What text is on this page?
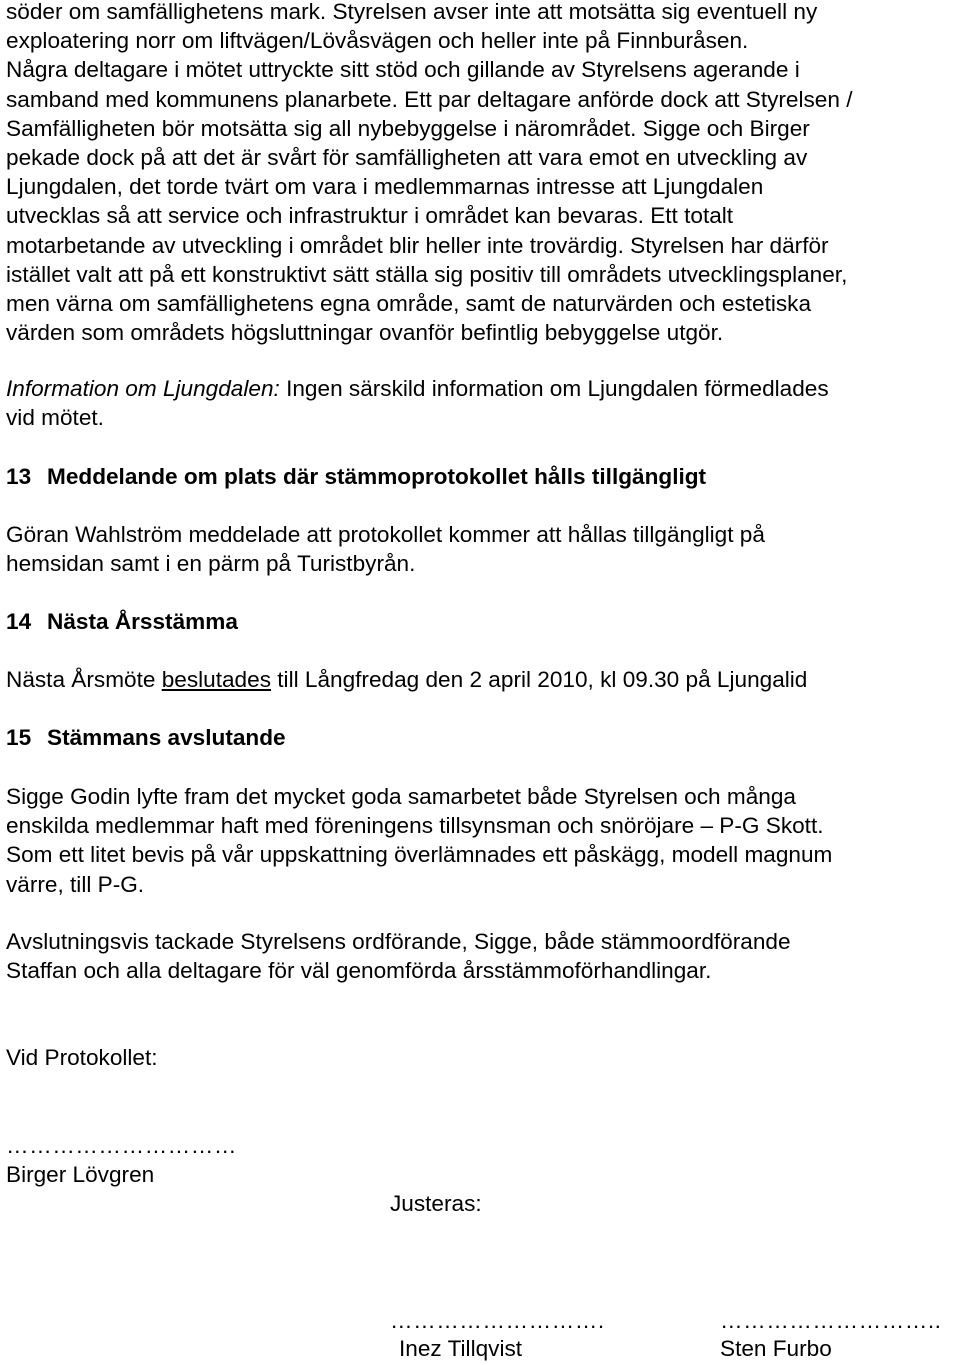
söder om samfällighetens mark. Styrelsen avser inte att motsätta sig eventuell ny
exploatering norr om liftvägen/Lövåsvägen och heller inte på Finnburåsen.
Några deltagare i mötet uttryckte sitt stöd och gillande av Styrelsens agerande i
samband med kommunens planarbete. Ett par deltagare anförde dock att Styrelsen /
Samfälligheten bör motsätta sig all nybebyggelse i närområdet. Sigge och Birger
pekade dock på att det är svårt för samfälligheten att vara emot en utveckling av
Ljungdalen, det torde tvärt om vara i medlemmarnas intresse att Ljungdalen
utvecklas så att service och infrastruktur i området kan bevaras. Ett totalt
motarbetande av utveckling i området blir heller inte trovärdig. Styrelsen har därför
istället valt att på ett konstruktivt sätt ställa sig positiv till områdets utvecklingsplaner,
men värna om samfällighetens egna område, samt de naturvärden och estetiska
värden som områdets högsluttningar ovanför befintlig bebyggelse utgör.
Information om Ljungdalen: Ingen särskild information om Ljungdalen förmedlades
vid mötet.
13 Meddelande om plats där stämmoprotokollet hålls tillgängligt
Göran Wahlström meddelade att protokollet kommer att hållas tillgängligt på
hemsidan samt i en pärm på Turistbyrån.
14 Nästa Årsstämma
Nästa Årsmöte beslutades till Långfredag den 2 april 2010, kl 09.30 på Ljungalid
15 Stämmans avslutande
Sigge Godin lyfte fram det mycket goda samarbetet både Styrelsen och många
enskilda medlemmar haft med föreningens tillsynsman och snöröjare – P-G Skott.
Som ett litet bevis på vår uppskattning överlämnades ett påskägg, modell magnum
värre, till P-G.
Avslutningsvis tackade Styrelsens ordförande, Sigge, både stämmoordförande
Staffan och alla deltagare för väl genomförda årsstämmoförhandlingar.
Vid Protokollet:
…………………………
Birger Lövgren
Justeras:
……………………….
Inez Tillqvist
………………………..
Sten Furbo
